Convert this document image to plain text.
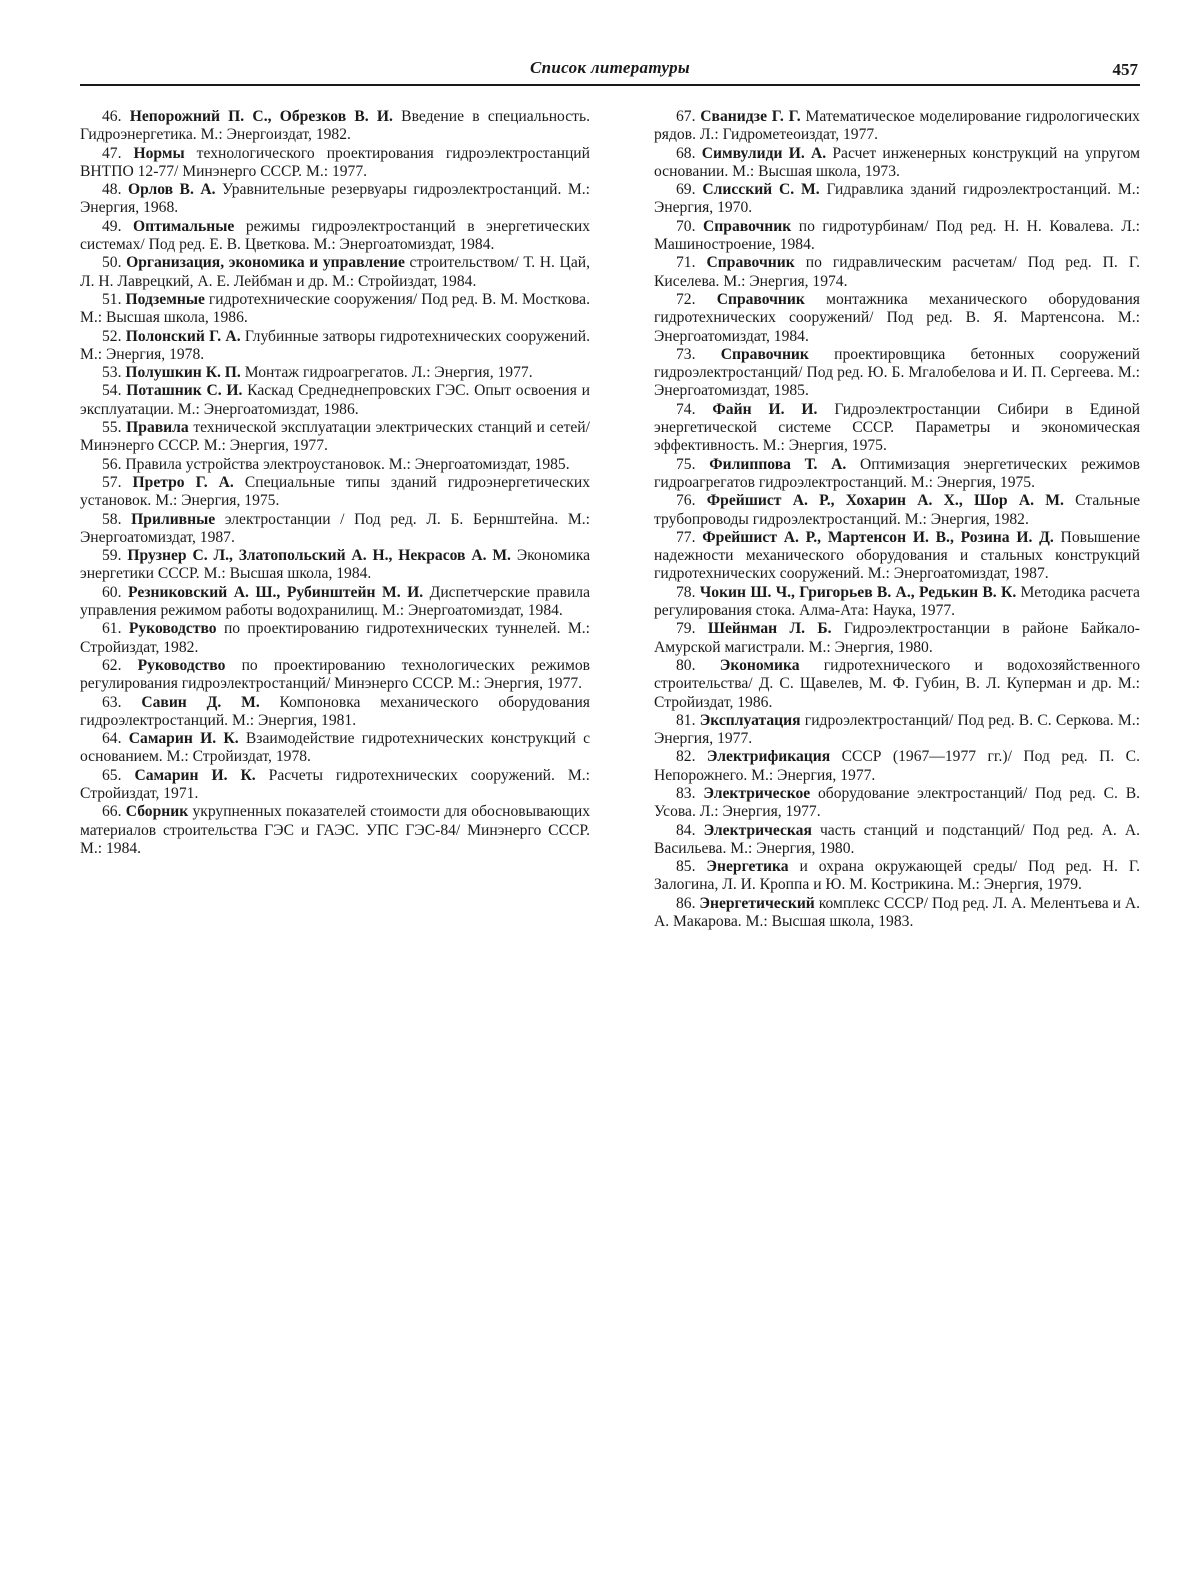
Список литературы	457

46. Непорожний П. С., Обрезков В. И. Введение в специальность. Гидроэнергетика. М.: Энергоиздат, 1982.

47. Нормы технологического проектирования гидроэлектростанций ВНТПО 12-77/ Минэнерго СССР. М.: 1977.

48. Орлов В. А. Уравнительные резервуары гидроэлектростанций. М.: Энергия, 1968.

49. Оптимальные режимы гидроэлектростанций в энергетических системах/ Под ред. Е. В. Цветкова. М.: Энергоатомиздат, 1984.

50. Организация, экономика и управление строительством/ Т. Н. Цай, Л. Н. Лаврецкий, А. Е. Лейбман и др. М.: Стройиздат, 1984.

51. Подземные гидротехнические сооружения/ Под ред. В. М. Мосткова. М.: Высшая школа, 1986.

52. Полонский Г. А. Глубинные затворы гидротехнических сооружений. М.: Энергия, 1978.

53. Полушкин К. П. Монтаж гидроагрегатов. Л.: Энергия, 1977.

54. Поташник С. И. Каскад Среднеднепровских ГЭС. Опыт освоения и эксплуатации. М.: Энергоатомиздат, 1986.

55. Правила технической эксплуатации электрических станций и сетей/ Минэнерго СССР. М.: Энергия, 1977.

56. Правила устройства электроустановок. М.: Энергоатомиздат, 1985.

57. Претро Г. А. Специальные типы зданий гидроэнергетических установок. М.: Энергия, 1975.

58. Приливные электростанции / Под ред. Л. Б. Бернштейна. М.: Энергоатомиздат, 1987.

59. Прузнер С. Л., Златопольский А. Н., Некрасов А. М. Экономика энергетики СССР. М.: Высшая школа, 1984.

60. Резниковский А. Ш., Рубинштейн М. И. Диспетчерские правила управления режимом работы водохранилищ. М.: Энергоатомиздат, 1984.

61. Руководство по проектированию гидротехнических туннелей. М.: Стройиздат, 1982.

62. Руководство по проектированию технологических режимов регулирования гидроэлектростанций/ Минэнерго СССР. М.: Энергия, 1977.

63. Савин Д. М. Компоновка механического оборудования гидроэлектростанций. М.: Энергия, 1981.

64. Самарин И. К. Взаимодействие гидротехнических конструкций с основанием. М.: Стройиздат, 1978.

65. Самарин И. К. Расчеты гидротехнических сооружений. М.: Стройиздат, 1971.

66. Сборник укрупненных показателей стоимости для обосновывающих материалов строительства ГЭС и ГАЭС. УПС ГЭС-84/ Минэнерго СССР. М.: 1984.

67. Сванидзе Г. Г. Математическое моделирование гидрологических рядов. Л.: Гидрометеоиздат, 1977.

68. Симвулиди И. А. Расчет инженерных конструкций на упругом основании. М.: Высшая школа, 1973.

69. Слисский С. М. Гидравлика зданий гидроэлектростанций. М.: Энергия, 1970.

70. Справочник по гидротурбинам/ Под ред. Н. Н. Ковалева. Л.: Машиностроение, 1984.

71. Справочник по гидравлическим расчетам/ Под ред. П. Г. Киселева. М.: Энергия, 1974.

72. Справочник монтажника механического оборудования гидротехнических сооружений/ Под ред. В. Я. Мартенсона. М.: Энергоатомиздат, 1984.

73. Справочник проектировщика бетонных сооружений гидроэлектростанций/ Под ред. Ю. Б. Мгалобелова и И. П. Сергеева. М.: Энергоатомиздат, 1985.

74. Файн И. И. Гидроэлектростанции Сибири в Единой энергетической системе СССР. Параметры и экономическая эффективность. М.: Энергия, 1975.

75. Филиппова Т. А. Оптимизация энергетических режимов гидроагрегатов гидроэлектростанций. М.: Энергия, 1975.

76. Фрейшист А. Р., Хохарин А. Х., Шор А. М. Стальные трубопроводы гидроэлектростанций. М.: Энергия, 1982.

77. Фрейшист А. Р., Мартенсон И. В., Розина И. Д. Повышение надежности механического оборудования и стальных конструкций гидротехнических сооружений. М.: Энергоатомиздат, 1987.

78. Чокин Ш. Ч., Григорьев В. А., Редькин В. К. Методика расчета регулирования стока. Алма-Ата: Наука, 1977.

79. Шейнман Л. Б. Гидроэлектростанции в районе Байкало-Амурской магистрали. М.: Энергия, 1980.

80. Экономика гидротехнического и водохозяйственного строительства/ Д. С. Щавелев, М. Ф. Губин, В. Л. Куперман и др. М.: Стройиздат, 1986.

81. Эксплуатация гидроэлектростанций/ Под ред. В. С. Серкова. М.: Энергия, 1977.

82. Электрификация СССР (1967—1977 гг.)/ Под ред. П. С. Непорожнего. М.: Энергия, 1977.

83. Электрическое оборудование электростанций/ Под ред. С. В. Усова. Л.: Энергия, 1977.

84. Электрическая часть станций и подстанций/ Под ред. А. А. Васильева. М.: Энергия, 1980.

85. Энергетика и охрана окружающей среды/ Под ред. Н. Г. Залогина, Л. И. Кроппа и Ю. М. Кострикина. М.: Энергия, 1979.

86. Энергетический комплекс СССР/ Под ред. Л. А. Мелентьева и А. А. Макарова. М.: Высшая школа, 1983.
